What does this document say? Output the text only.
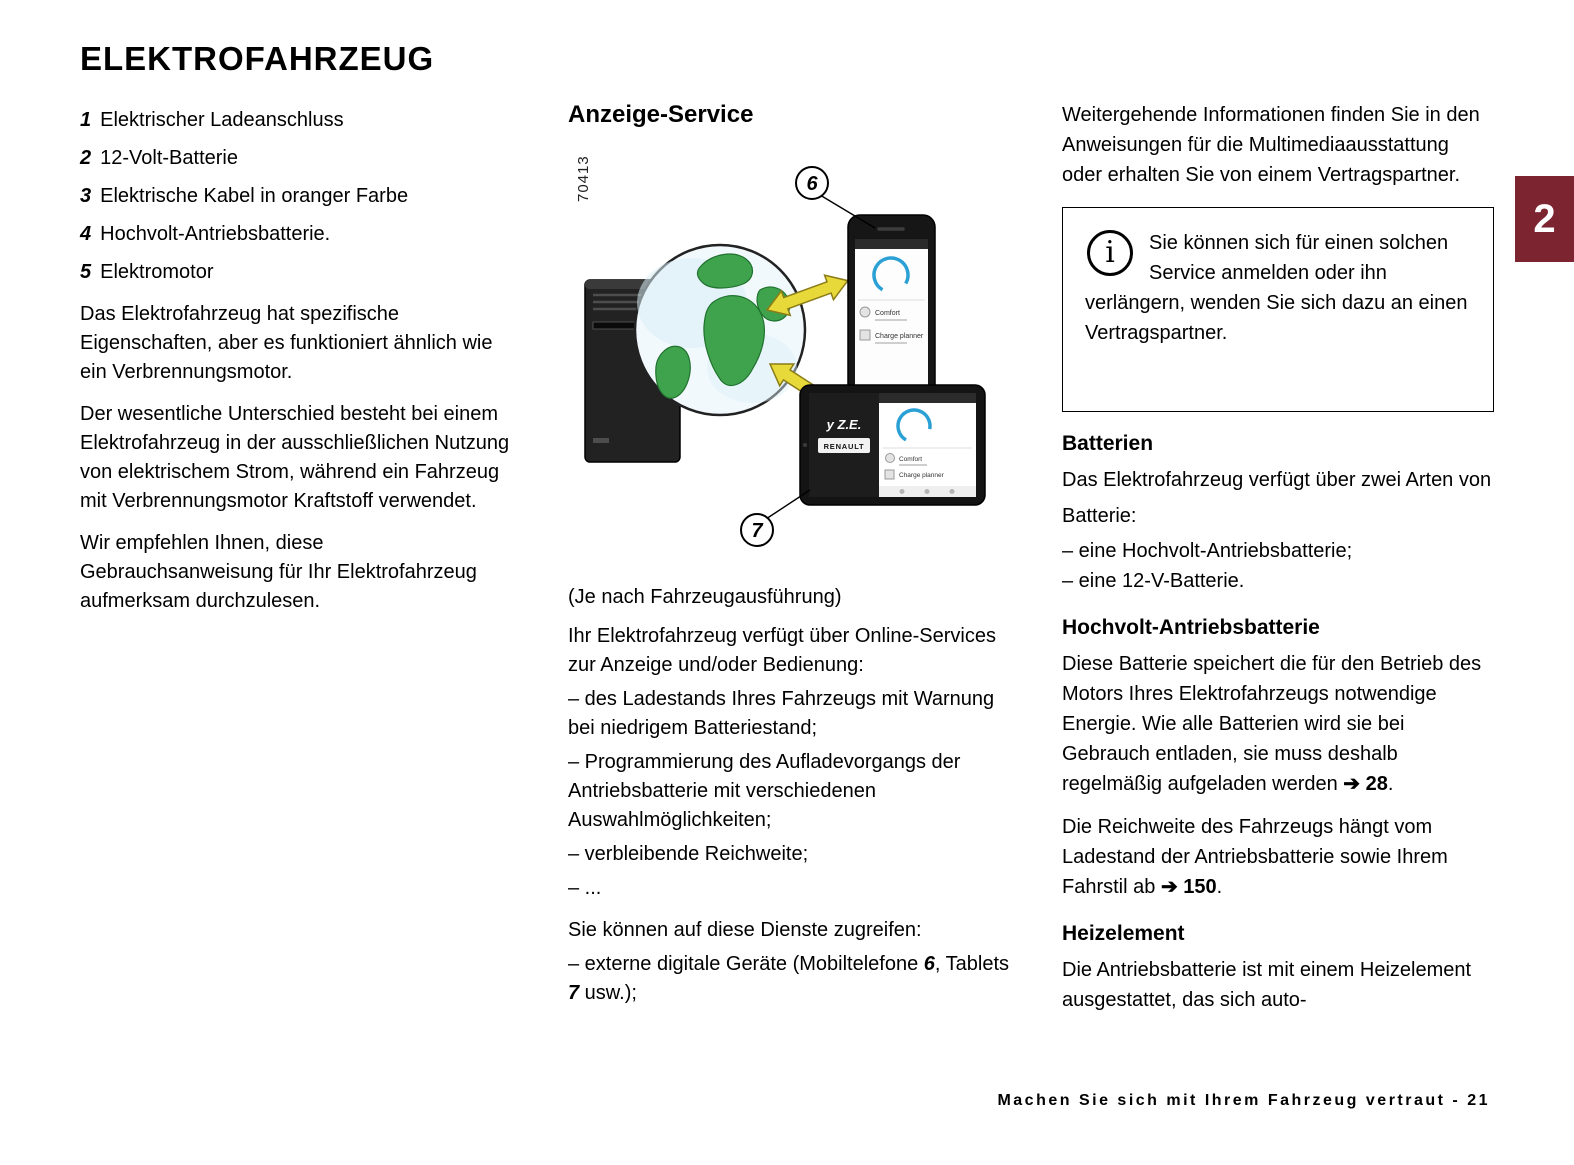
ELEKTROFAHRZEUG
2
1 Elektrischer Ladeanschluss
2 12-Volt-Batterie
3 Elektrische Kabel in oranger Farbe
4 Hochvolt-Antriebsbatterie.
5 Elektromotor

Das Elektrofahrzeug hat spezifische Eigenschaften, aber es funktioniert ähnlich wie ein Verbrennungsmotor.

Der wesentliche Unterschied besteht bei einem Elektrofahrzeug in der ausschließlichen Nutzung von elektrischem Strom, während ein Fahrzeug mit Verbrennungsmotor Kraftstoff verwendet.

Wir empfehlen Ihnen, diese Gebrauchsanweisung für Ihr Elektrofahrzeug aufmerksam durchzulesen.

Anzeige-Service
70413
Comfort
Charge planner
y Z.E.
RENAULT
Comfort
Charge planner
6
7

(Je nach Fahrzeugausführung)

Ihr Elektrofahrzeug verfügt über Online-Services zur Anzeige und/oder Bedienung:

– des Ladestands Ihres Fahrzeugs mit Warnung bei niedrigem Batteriestand;

– Programmierung des Aufladevorgangs der Antriebsbatterie mit verschiedenen Auswahlmöglichkeiten;

– verbleibende Reichweite;

– ...

Sie können auf diese Dienste zugreifen:

– externe digitale Geräte (Mobiltelefone 6, Tablets 7 usw.);

Weitergehende Informationen finden Sie in den Anweisungen für die Multimediaausstattung oder erhalten Sie von einem Vertragspartner.

i	Sie können sich für einen solchen Service anmelden oder ihn verlängern, wenden Sie sich dazu an einen Vertragspartner.
Batterien

Das Elektrofahrzeug verfügt über zwei Arten von

Batterie:

– eine Hochvolt-Antriebsbatterie;

– eine 12-V-Batterie.

Hochvolt-Antriebsbatterie

Diese Batterie speichert die für den Betrieb des Motors Ihres Elektrofahrzeugs notwendige Energie. Wie alle Batterien wird sie bei Gebrauch entladen, sie muss deshalb regelmäßig aufgeladen werden ➔ 28.

Die Reichweite des Fahrzeugs hängt vom Ladestand der Antriebsbatterie sowie Ihrem Fahrstil ab ➔ 150.

Heizelement

Die Antriebsbatterie ist mit einem Heizelement ausgestattet, das sich auto-

Machen Sie sich mit Ihrem Fahrzeug vertraut - 21
